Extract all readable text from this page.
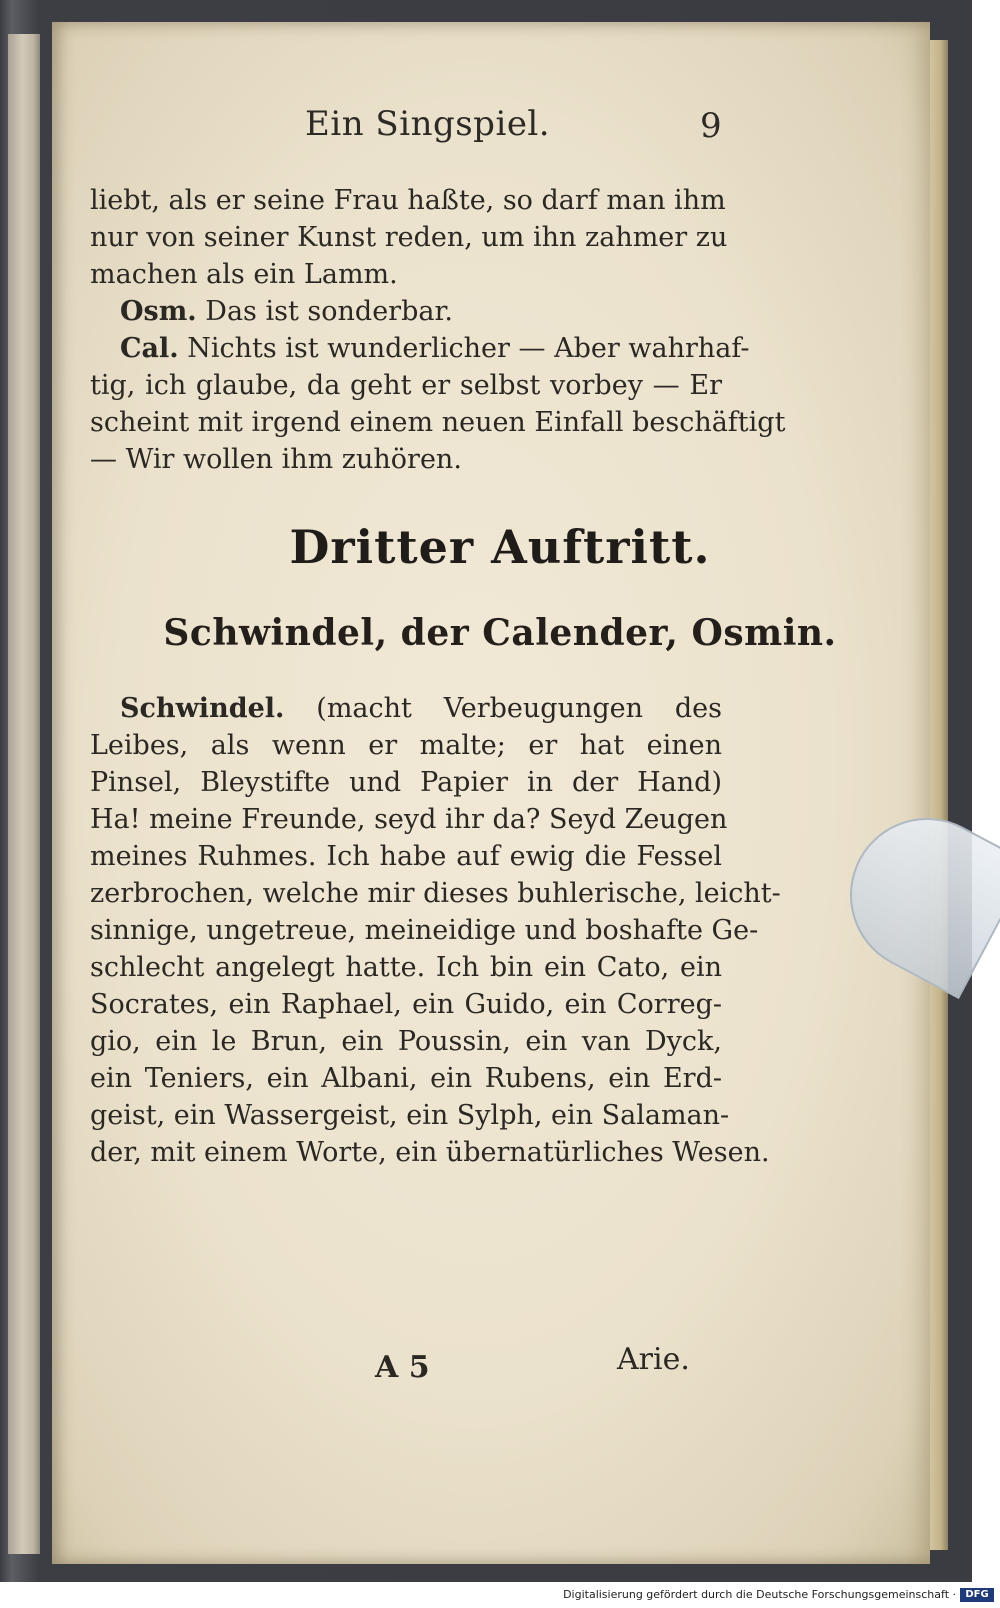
Ein Singspiel.	9
liebt, als er seine Frau haßte, so darf man ihm
nur von seiner Kunst reden, um ihn zahmer zu
machen als ein Lamm.
Osm. Das ist sonderbar.
Cal. Nichts ist wunderlicher — Aber wahrhaf-
tig, ich glaube, da geht er selbst vorbey — Er
scheint mit irgend einem neuen Einfall beschäftigt
— Wir wollen ihm zuhören.
Dritter Auftritt.
Schwindel, der Calender, Osmin.
Schwindel. (macht Verbeugungen des
Leibes, als wenn er malte; er hat einen
Pinsel, Bleystifte und Papier in der Hand)
Ha! meine Freunde, seyd ihr da? Seyd Zeugen
meines Ruhmes. Ich habe auf ewig die Fessel
zerbrochen, welche mir dieses buhlerische, leicht-
sinnige, ungetreue, meineidige und boshafte Ge-
schlecht angelegt hatte. Ich bin ein Cato, ein
Socrates, ein Raphael, ein Guido, ein Correg-
gio, ein le Brun, ein Poussin, ein van Dyck,
ein Teniers, ein Albani, ein Rubens, ein Erd-
geist, ein Wassergeist, ein Sylph, ein Salaman-
der, mit einem Worte, ein übernatürliches Wesen.
A 5	Arie.
Digitalisierung gefördert durch die Deutsche Forschungsgemeinschaft · DFG
